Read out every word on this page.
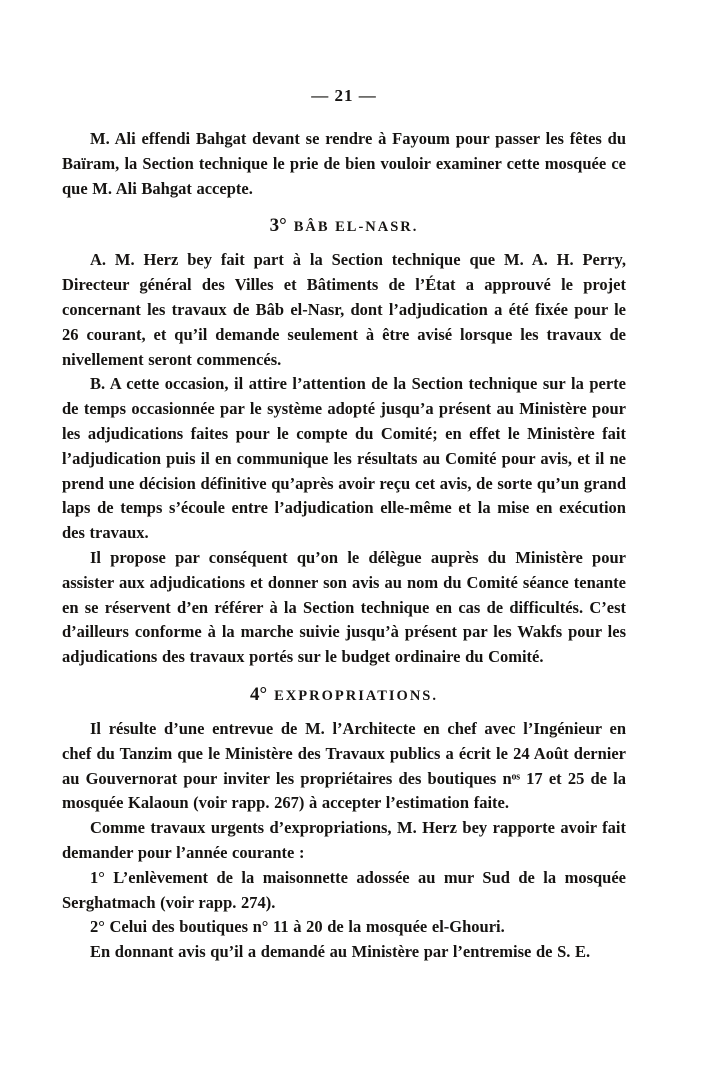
— 21 —

M. Ali effendi Bahgat devant se rendre à Fayoum pour passer les fêtes du Baïram, la Section technique le prie de bien vouloir examiner cette mosquée ce que M. Ali Bahgat accepte.

3° BÂB EL-NASR.

A. M. Herz bey fait part à la Section technique que M. A. H. Perry, Directeur général des Villes et Bâtiments de l’État a approuvé le projet concernant les travaux de Bâb el-Nasr, dont l’adjudication a été fixée pour le 26 courant, et qu’il demande seulement à être avisé lorsque les travaux de nivellement seront commencés.

B. A cette occasion, il attire l’attention de la Section technique sur la perte de temps occasionnée par le système adopté jusqu’a présent au Ministère pour les adjudications faites pour le compte du Comité; en effet le Ministère fait l’adjudication puis il en communique les résultats au Comité pour avis, et il ne prend une décision définitive qu’après avoir reçu cet avis, de sorte qu’un grand laps de temps s’écoule entre l’adjudication elle-même et la mise en exécution des travaux.

Il propose par conséquent qu’on le délègue auprès du Ministère pour assister aux adjudications et donner son avis au nom du Comité séance tenante en se réservent d’en référer à la Section technique en cas de difficultés. C’est d’ailleurs conforme à la marche suivie jusqu’à présent par les Wakfs pour les adjudications des travaux portés sur le budget ordinaire du Comité.

4° EXPROPRIATIONS.

Il résulte d’une entrevue de M. l’Architecte en chef avec l’Ingénieur en chef du Tanzim que le Ministère des Travaux publics a écrit le 24 Août dernier au Gouvernorat pour inviter les propriétaires des boutiques nᵒˢ 17 et 25 de la mosquée Kalaoun (voir rapp. 267) à accepter l’estimation faite.

Comme travaux urgents d’expropriations, M. Herz bey rapporte avoir fait demander pour l’année courante :

1° L’enlèvement de la maisonnette adossée au mur Sud de la mosquée Serghatmach (voir rapp. 274).

2° Celui des boutiques n° 11 à 20 de la mosquée el-Ghouri.

En donnant avis qu’il a demandé au Ministère par l’entremise de S. E.
